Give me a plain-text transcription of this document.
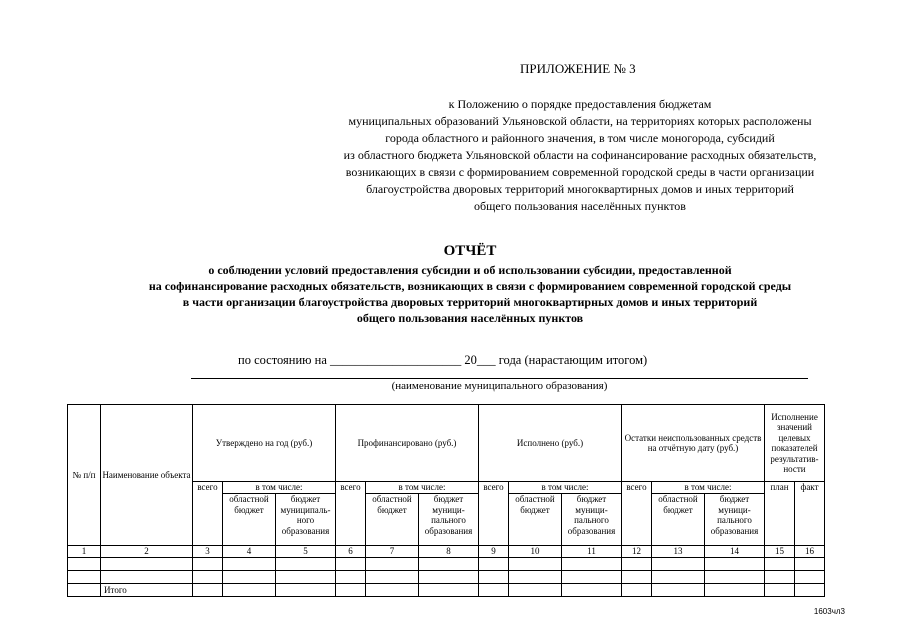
ПРИЛОЖЕНИЕ № 3
к Положению о порядке предоставления бюджетам
муниципальных образований Ульяновской области, на территориях которых расположены
города областного и районного значения, в том числе моногорода, субсидий
из областного бюджета Ульяновской области на софинансирование расходных обязательств,
возникающих в связи с формированием современной городской среды в части организации
благоустройства дворовых территорий многоквартирных домов и иных территорий
общего пользования населённых пунктов
ОТЧЁТ
о соблюдении условий предоставления субсидии и об использовании субсидии, предоставленной
на софинансирование расходных обязательств, возникающих в связи с формированием современной городской среды
в части организации благоустройства дворовых территорий многоквартирных домов и иных территорий
общего пользования населённых пунктов
по состоянию на _____________________ 20___ года (нарастающим итогом)
(наименование муниципального образования)
№ п/п	Наименование объекта	Утверждено на год (руб.)			Профинансировано (руб.)			Исполнено (руб.)			Остатки неиспользованных средств на отчётную дату (руб.)			Исполнение значений целевых показателей результатив-ности	
		всего	в том числе:		всего	в том числе:		всего	в том числе:		всего	в том числе:		план	факт
			областной бюджет	бюджет муниципаль-ного образования		областной бюджет	бюджет муници-пального образования		областной бюджет	бюджет муници-пального образования		областной бюджет	бюджет муници-пального образования		
1	2	3	4	5	6	7	8	9	10	11	12	13	14	15	16

	Итого														
1603чл3
